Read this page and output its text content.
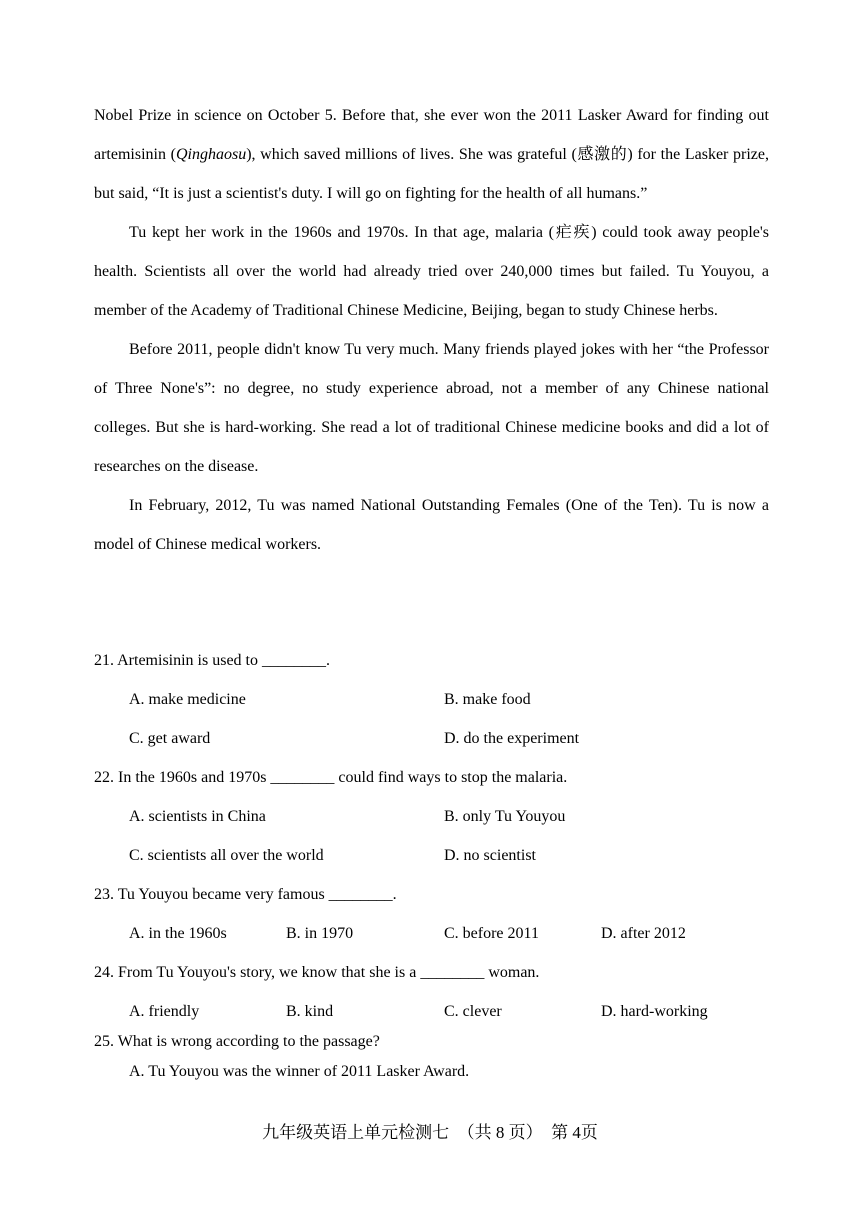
Nobel Prize in science on October 5. Before that, she ever won the 2011 Lasker Award for finding out artemisinin (Qinghaosu), which saved millions of lives. She was grateful (感激的) for the Lasker prize, but said, “It is just a scientist's duty. I will go on fighting for the health of all humans.”

Tu kept her work in the 1960s and 1970s. In that age, malaria (疟疾) could took away people's health. Scientists all over the world had already tried over 240,000 times but failed. Tu Youyou, a member of the Academy of Traditional Chinese Medicine, Beijing, began to study Chinese herbs.

Before 2011, people didn't know Tu very much. Many friends played jokes with her “the Professor of Three None's”: no degree, no study experience abroad, not a member of any Chinese national colleges. But she is hard-working. She read a lot of traditional Chinese medicine books and did a lot of researches on the disease.

In February, 2012, Tu was named National Outstanding Females (One of the Ten). Tu is now a model of Chinese medical workers.

21. Artemisinin is used to ________.

A. make medicine	B. make food
C. get award	D. do the experiment

22. In the 1960s and 1970s ________ could find ways to stop the malaria.

A. scientists in China	B. only Tu Youyou
C. scientists all over the world	D. no scientist

23. Tu Youyou became very famous ________.

A. in the 1960s	B. in 1970	C. before 2011	D. after 2012

24. From Tu Youyou's story, we know that she is a ________ woman.

A. friendly	B. kind	C. clever	D. hard-working

25. What is wrong according to the passage?

A. Tu Youyou was the winner of 2011 Lasker Award.
九年级英语上单元检测七  （共 8 页）  第 4页
